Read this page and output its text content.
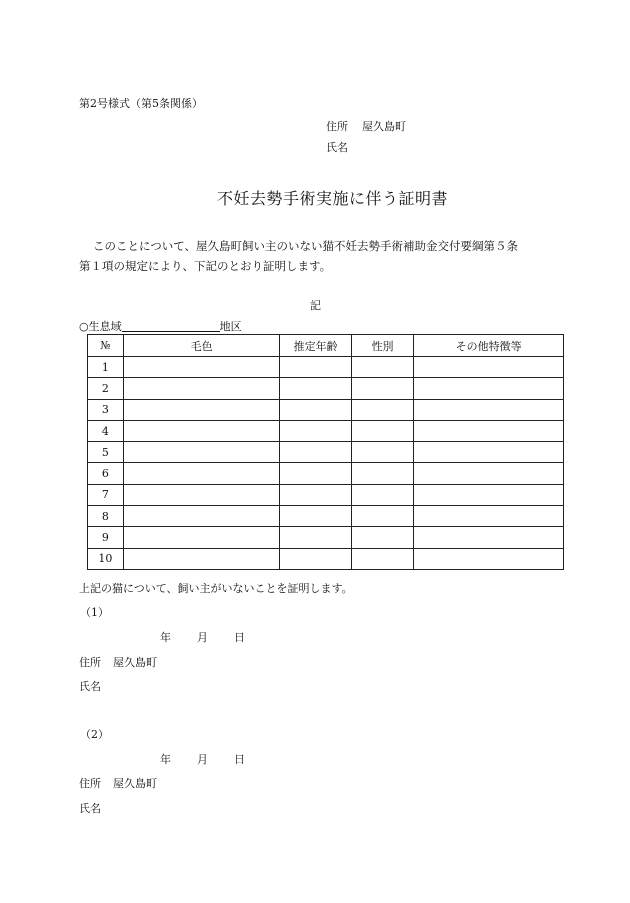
第2号様式（第5条関係）
住所 屋久島町
氏名
不妊去勢手術実施に伴う証明書
このことについて、屋久島町飼い主のいない猫不妊去勢手術補助金交付要綱第５条
第１項の規定により、下記のとおり証明します。
記
○生息域	地区
№	毛色	推定年齢	性別	その他特徴等
1				
2				
3				
4				
5				
6				
7				
8				
9				
10				
上記の猫について、飼い主がいないことを証明します。
（1）
年 月 日
住所 屋久島町
氏名
（2）
年 月 日
住所 屋久島町
氏名
